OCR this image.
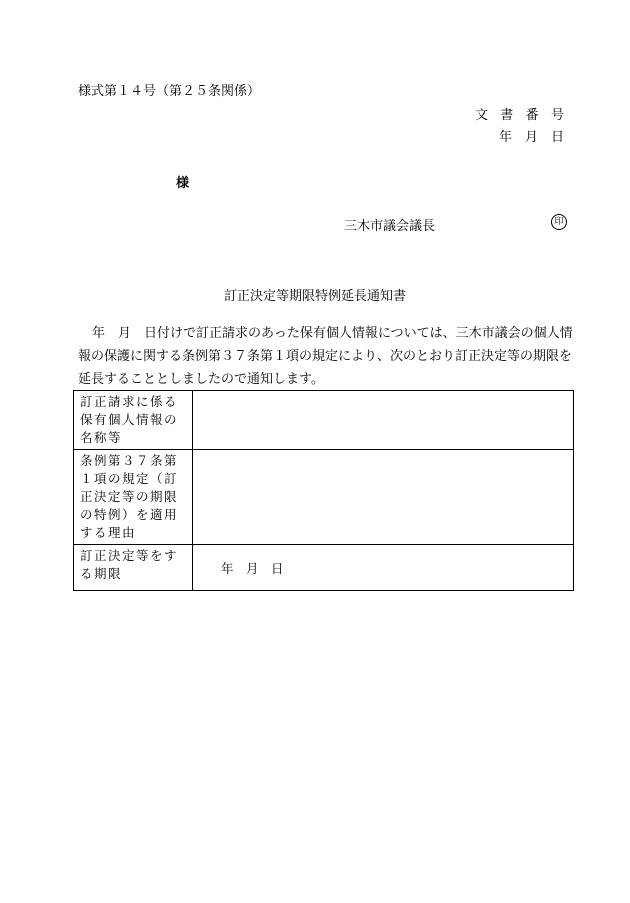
様式第１４号（第２５条関係）
文書番号
年　月　日
様
三木市議会議長	印
訂正決定等期限特例延長通知書
年　月　日付けで訂正請求のあった保有個人情報については、三木市議会の個人情報の保護に関する条例第３７条第１項の規定により、次のとおり訂正決定等の期限を延長することとしましたので通知します。
訂正請求に係る保有個人情報の名称等	
条例第３７条第１項の規定（訂正決定等の期限の特例）を適用する理由	
訂正決定等をする期限	年　月　日
